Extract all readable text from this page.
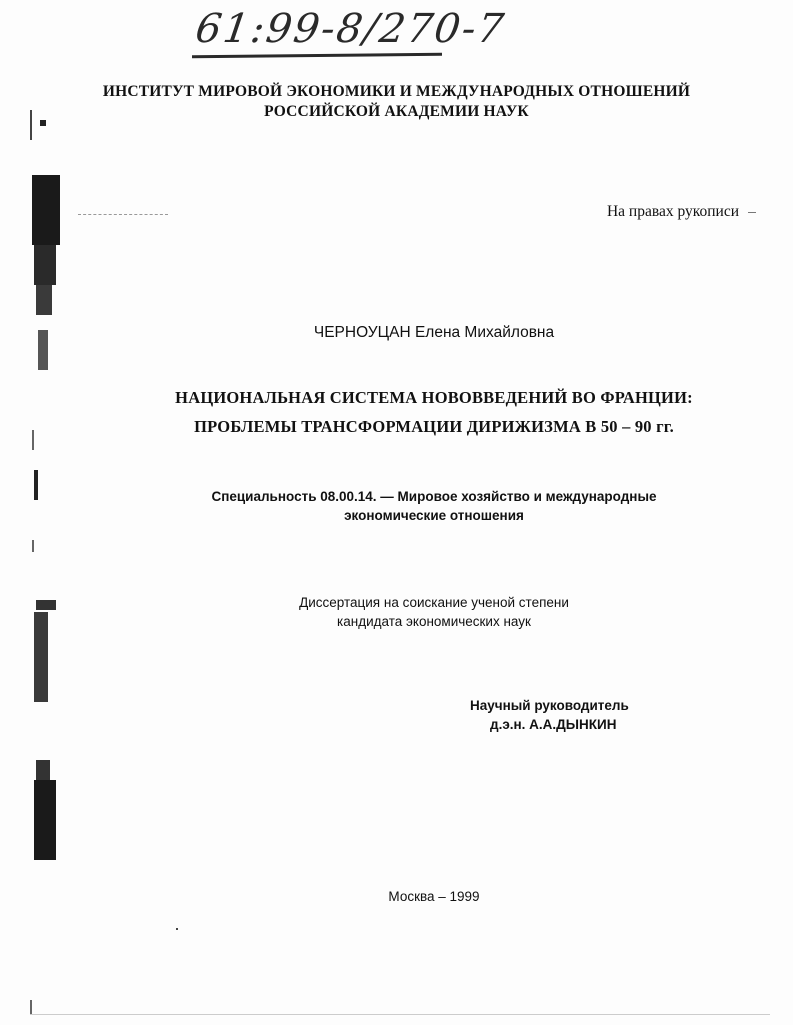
61:99-8/270-7
ИНСТИТУТ МИРОВОЙ ЭКОНОМИКИ И МЕЖДУНАРОДНЫХ ОТНОШЕНИЙ
РОССИЙСКОЙ АКАДЕМИИ НАУК
На правах рукописи
ЧЕРНОУЦАН Елена Михайловна
НАЦИОНАЛЬНАЯ СИСТЕМА НОВОВВЕДЕНИЙ ВО ФРАНЦИИ:
ПРОБЛЕМЫ ТРАНСФОРМАЦИИ ДИРИЖИЗМА В 50 – 90 гг.
Специальность 08.00.14. — Мировое хозяйство и международные
экономические отношения
Диссертация на соискание ученой степени
кандидата экономических наук
Научный руководитель
д.э.н. А.А.ДЫНКИН
Москва – 1999
